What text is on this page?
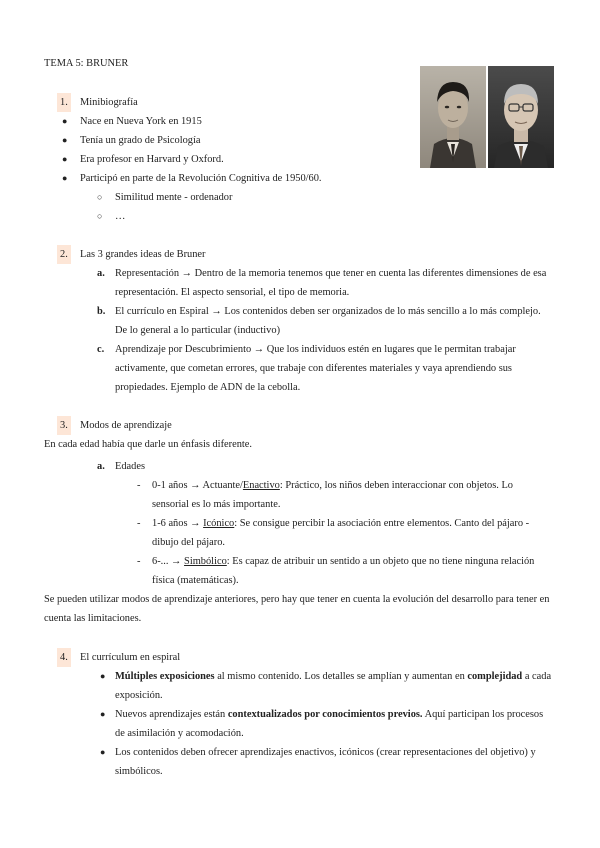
TEMA 5: BRUNER
1. Minibiografía
● Nace en Nueva York en 1915
● Tenía un grado de Psicología
● Era profesor en Harvard y Oxford.
● Participó en parte de la Revolución Cognitiva de 1950/60.
○ Similitud mente - ordenador
○ …
2. Las 3 grandes ideas de Bruner
a. Representación → Dentro de la memoria tenemos que tener en cuenta las diferentes dimensiones de esa representación. El aspecto sensorial, el tipo de memoria.
b. El currículo en Espiral → Los contenidos deben ser organizados de lo más sencillo a lo más complejo. De lo general a lo particular (inductivo)
c. Aprendizaje por Descubrimiento → Que los individuos estén en lugares que le permitan trabajar activamente, que cometan errores, que trabaje con diferentes materiales y vaya aprendiendo sus propiedades. Ejemplo de ADN de la cebolla.
3. Modos de aprendizaje
En cada edad había que darle un énfasis diferente.
a. Edades
- 0-1 años → Actuante/Enactivo: Práctico, los niños deben interaccionar con objetos. Lo sensorial es lo más importante.
- 1-6 años → Icónico: Se consigue percibir la asociación entre elementos. Canto del pájaro - dibujo del pájaro.
- 6-... → Simbólico: Es capaz de atribuir un sentido a un objeto que no tiene ninguna relación física (matemáticas).
Se pueden utilizar modos de aprendizaje anteriores, pero hay que tener en cuenta la evolución del desarrollo para tener en cuenta las limitaciones.
4. El currículum en espiral
● Múltiples exposiciones al mismo contenido. Los detalles se amplían y aumentan en complejidad a cada exposición.
● Nuevos aprendizajes están contextualizados por conocimientos previos. Aquí participan los procesos de asimilación y acomodación.
● Los contenidos deben ofrecer aprendizajes enactivos, icónicos (crear representaciones del objetivo) y simbólicos.
